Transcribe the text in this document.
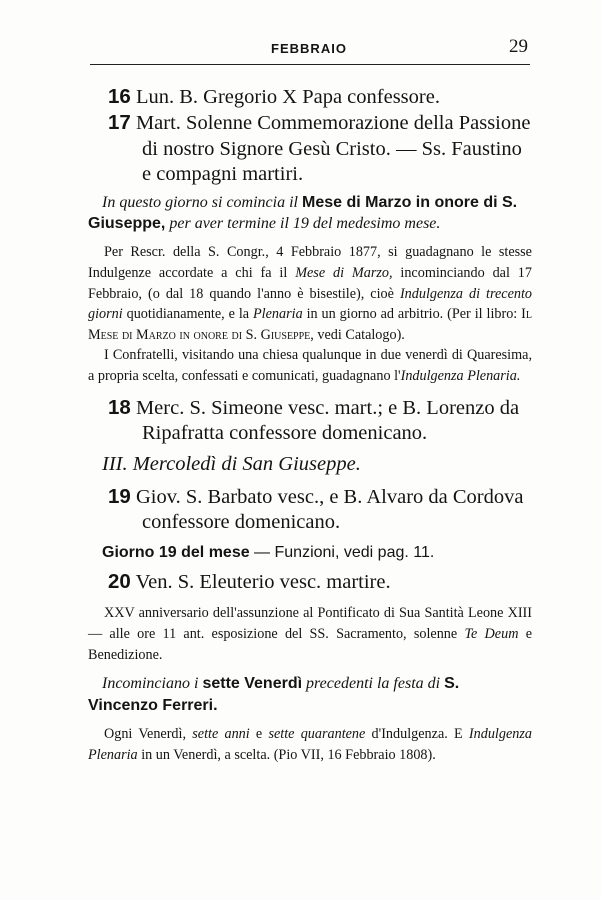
FEBBRAIO	29

16 Lun. B. Gregorio X Papa confessore.

17 Mart. Solenne Commemorazione della Passione di nostro Signore Gesù Cristo. — Ss. Faustino e compagni martiri.

In questo giorno si comincia il Mese di Marzo in onore di S. Giuseppe, per aver termine il 19 del medesimo mese.

Per Rescr. della S. Congr., 4 Febbraio 1877, si guadagnano le stesse Indulgenze accordate a chi fa il Mese di Marzo, incominciando dal 17 Febbraio, (o dal 18 quando l'anno è bisestile), cioè Indulgenza di trecento giorni quotidianamente, e la Plenaria in un giorno ad arbitrio. (Per il libro: Il Mese di Marzo in onore di S. Giuseppe, vedi Catalogo).

I Confratelli, visitando una chiesa qualunque in due venerdì di Quaresima, a propria scelta, confessati e comunicati, guadagnano l'Indulgenza Plenaria.

18 Merc. S. Simeone vesc. mart.; e B. Lorenzo da Ripafratta confessore domenicano.

III. Mercoledì di San Giuseppe.

19 Giov. S. Barbato vesc., e B. Alvaro da Cordova confessore domenicano.

Giorno 19 del mese — Funzioni, vedi pag. 11.

20 Ven. S. Eleuterio vesc. martire.

XXV anniversario dell'assunzione al Pontificato di Sua Santità Leone XIII — alle ore 11 ant. esposizione del SS. Sacramento, solenne Te Deum e Benedizione.

Incominciano i sette Venerdì precedenti la festa di S. Vincenzo Ferreri.

Ogni Venerdì, sette anni e sette quarantene d'Indulgenza. E Indulgenza Plenaria in un Venerdì, a scelta. (Pio VII, 16 Febbraio 1808).
